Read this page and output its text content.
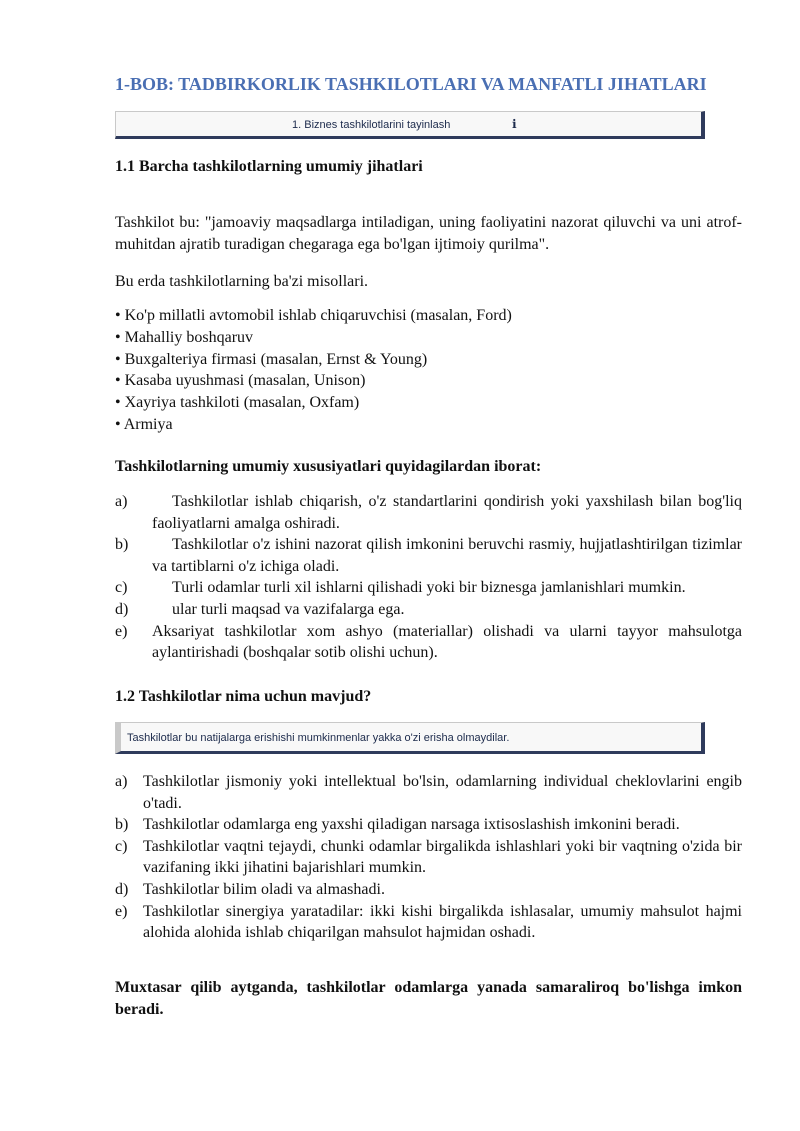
1-BOB: TADBIRKORLIK TASHKILOTLARI VA MANFATLI JIHATLARI
1. Biznes tashkilotlarini tayinlash	ℹ
1.1 Barcha tashkilotlarning umumiy jihatlari
Tashkilot bu: "jamoaviy maqsadlarga intiladigan, uning faoliyatini nazorat qiluvchi va uni atrof-muhitdan ajratib turadigan chegaraga ega bo'lgan ijtimoiy qurilma".
Bu erda tashkilotlarning ba'zi misollari.
• Ko'p millatli avtomobil ishlab chiqaruvchisi (masalan, Ford)
• Mahalliy boshqaruv
• Buxgalteriya firmasi (masalan, Ernst & Young)
• Kasaba uyushmasi (masalan, Unison)
• Xayriya tashkiloti (masalan, Oxfam)
• Armiya
Tashkilotlarning umumiy xususiyatlari quyidagilardan iborat:
a)	Tashkilotlar ishlab chiqarish, o'z standartlarini qondirish yoki yaxshilash bilan bog'liq faoliyatlarni amalga oshiradi.
b)	Tashkilotlar o'z ishini nazorat qilish imkonini beruvchi rasmiy, hujjatlashtirilgan tizimlar va tartiblarni o'z ichiga oladi.
c)	Turli odamlar turli xil ishlarni qilishadi yoki bir biznesga jamlanishlari mumkin.
d)	ular turli maqsad va vazifalarga ega.
e) Aksariyat tashkilotlar xom ashyo (materiallar) olishadi va ularni tayyor mahsulotga aylantirishadi (boshqalar sotib olishi uchun).
1.2 Tashkilotlar nima uchun mavjud?
Tashkilotlar bu natijalarga erishishi mumkinmenlar yakka o'zi erisha olmaydilar.
a) Tashkilotlar jismoniy yoki intellektual bo'lsin, odamlarning individual cheklovlarini engib o'tadi.
b) Tashkilotlar odamlarga eng yaxshi qiladigan narsaga ixtisoslashish imkonini beradi.
c) Tashkilotlar vaqtni tejaydi, chunki odamlar birgalikda ishlashlari yoki bir vaqtning o'zida bir vazifaning ikki jihatini bajarishlari mumkin.
d) Tashkilotlar bilim oladi va almashadi.
e) Tashkilotlar sinergiya yaratadilar: ikki kishi birgalikda ishlasalar, umumiy mahsulot hajmi alohida alohida ishlab chiqarilgan mahsulot hajmidan oshadi.
Muxtasar qilib aytganda, tashkilotlar odamlarga yanada samaraliroq bo'lishga imkon beradi.
